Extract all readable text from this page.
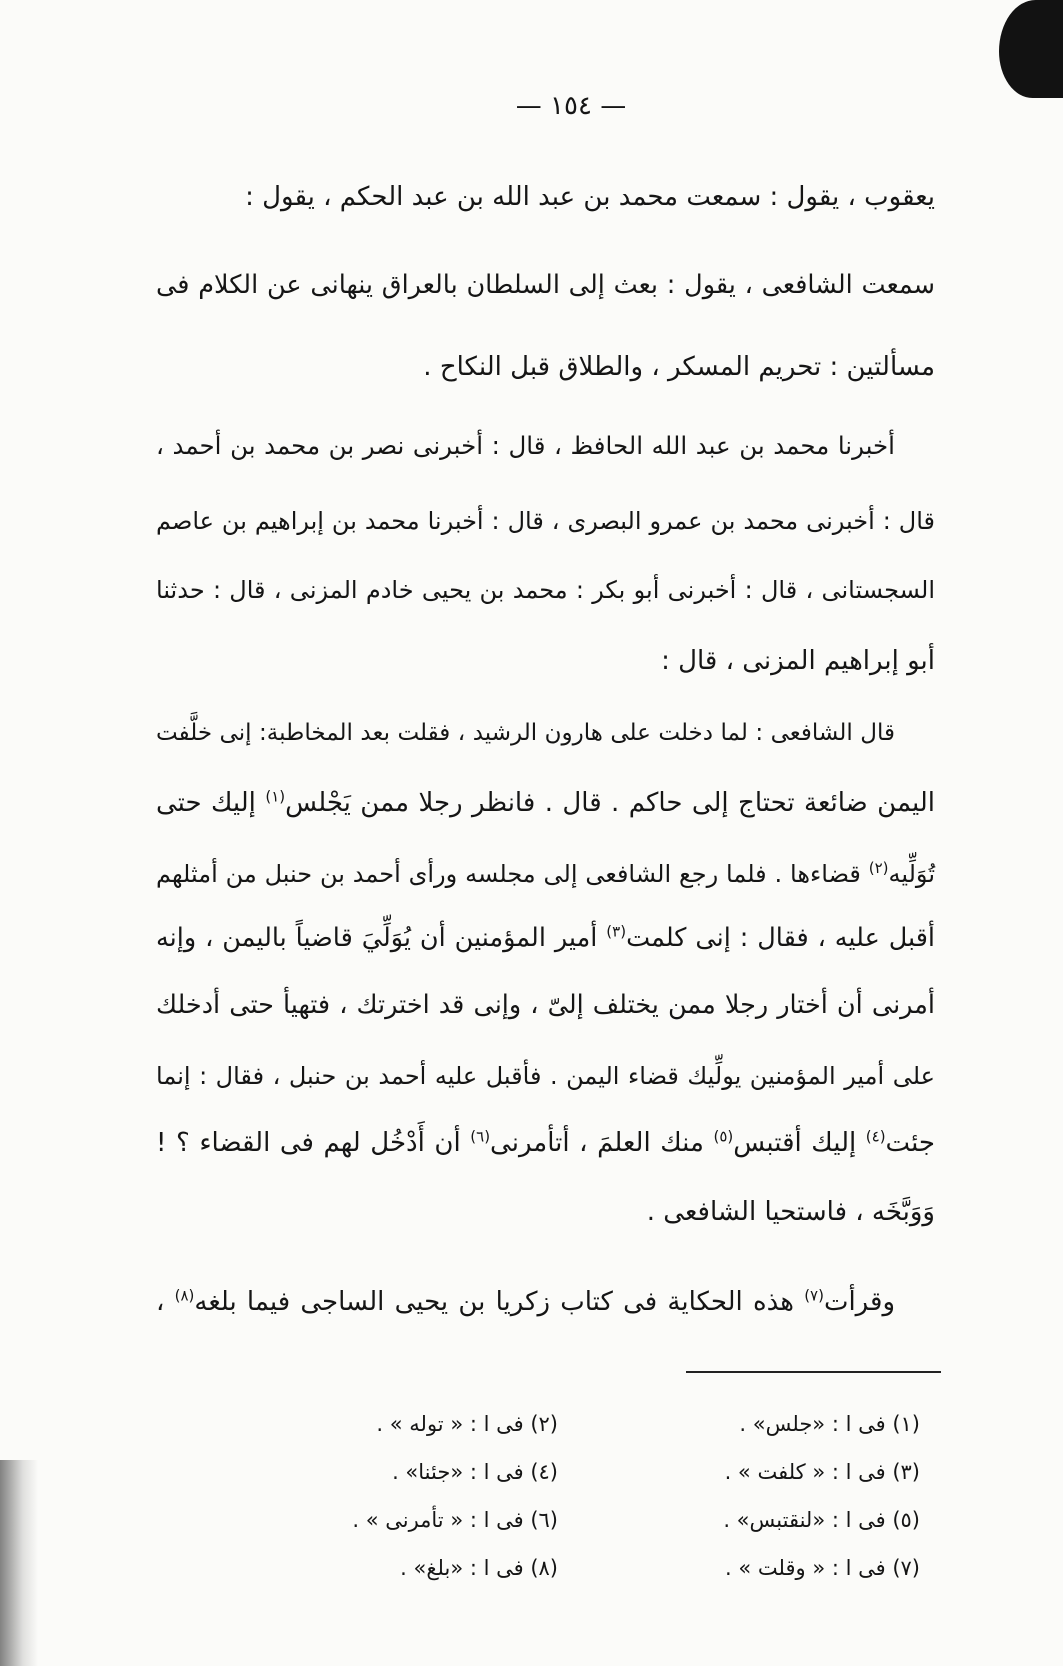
— ١٥٤ —
يعقوب ، يقول : سمعت محمد بن عبد الله بن عبد الحكم ، يقول :
سمعت الشافعى ، يقول : بعث إلى السلطان بالعراق ينهانى عن الكلام فى
مسألتين : تحريم المسكر ، والطلاق قبل النكاح .
أخبرنا محمد بن عبد الله الحافظ ، قال : أخبرنى نصر بن محمد بن أحمد ،
قال : أخبرنى محمد بن عمرو البصرى ، قال : أخبرنا محمد بن إبراهيم بن عاصم
السجستانى ، قال : أخبرنى أبو بكر : محمد بن يحيى خادم المزنى ، قال : حدثنا
أبو إبراهيم المزنى ، قال :
قال الشافعى : لما دخلت على هارون الرشيد ، فقلت بعد المخاطبة: إنى خلَّفت
اليمن ضائعة تحتاج إلى حاكم . قال . فانظر رجلا ممن يَجْلس$^{(١)}$ إليك حتى
تُوَلِّيه$^{(٢)}$ قضاءها . فلما رجع الشافعى إلى مجلسه ورأى أحمد بن حنبل من أمثلهم
أقبل عليه ، فقال : إنى كلمت$^{(٣)}$ أمير المؤمنين أن يُوَلِّيَ قاضياً باليمن ، وإنه
أمرنى أن أختار رجلا ممن يختلف إلىّ ، وإنى قد اخترتك ، فتهيأ حتى أدخلك
على أمير المؤمنين يولِّيك قضاء اليمن . فأقبل عليه أحمد بن حنبل ، فقال : إنما
جئت$^{(٤)}$ إليك أقتبس$^{(٥)}$ منك العلمَ ، أتأمرنى$^{(٦)}$ أن أَدْخُل لهم فى القضاء ؟ !
وَوَبَّخَه ، فاستحيا الشافعى .
وقرأت$^{(٧)}$ هذه الحكاية فى كتاب زكريا بن يحيى الساجى فيما بلغه$^{(٨)}$ ،
(١) فى ا : «جلس» .
(٢) فى ا : « توله » .
(٣) فى ا : « كلفت » .
(٤) فى ا : «جئنا» .
(٥) فى ا : «لنقتبس» .
(٦) فى ا : « تأمرنى » .
(٧) فى ا : « وقلت » .
(٨) فى ا : «بلغ» .
